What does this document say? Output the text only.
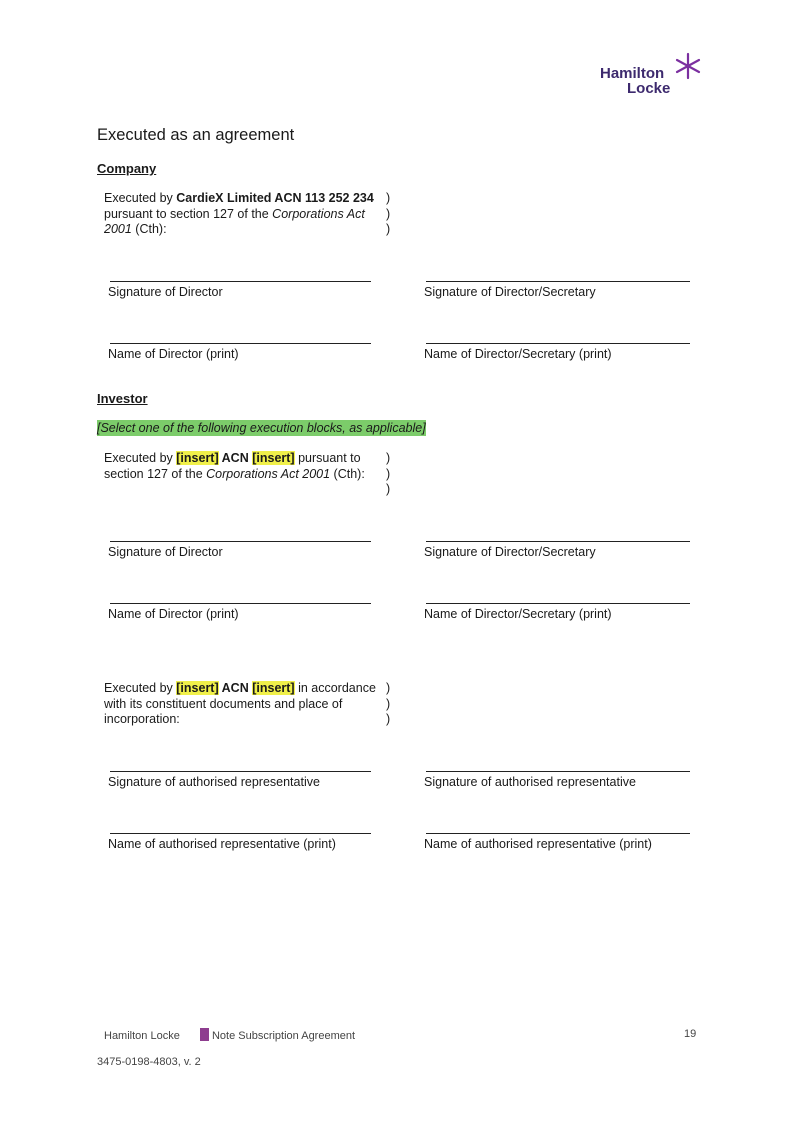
Hamilton
Locke
Executed as an agreement
Company
Executed by CardieX Limited ACN 113 252 234 pursuant to section 127 of the Corporations Act 2001 (Cth):
)
)
)
Signature of Director	Signature of Director/Secretary
Name of Director (print)	Name of Director/Secretary (print)
Investor
[Select one of the following execution blocks, as applicable]
Executed by [insert] ACN [insert] pursuant to section 127 of the Corporations Act 2001 (Cth):
)
)
)
Signature of Director	Signature of Director/Secretary
Name of Director (print)	Name of Director/Secretary (print)
Executed by [insert] ACN [insert] in accordance with its constituent documents and place of incorporation:
)
)
)
Signature of authorised representative	Signature of authorised representative
Name of authorised representative (print)	Name of authorised representative (print)
Hamilton Locke	Note Subscription Agreement	19
3475-0198-4803, v. 2
